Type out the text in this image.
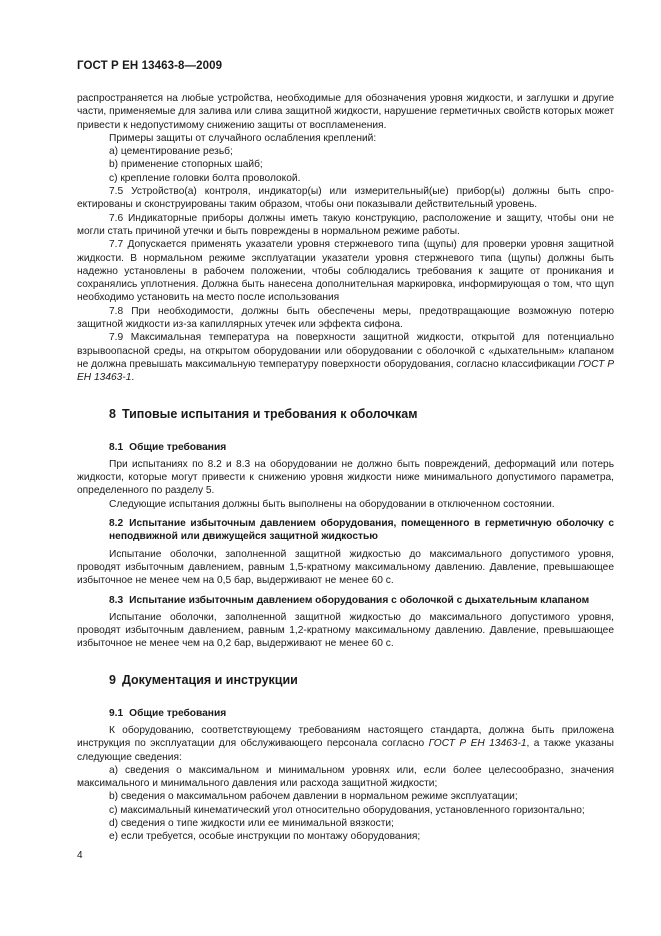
ГОСТ Р ЕН 13463-8—2009

распространяется на любые устройства, необходимые для обозначения уровня жидкости, и заглушки и другие части, применяемые для залива или слива защитной жидкости, нарушение герметичных свойств которых может привести к недопустимому снижению защиты от воспламенения.

Примеры защиты от случайного ослабления креплений:

a) цементирование резьб;

b) применение стопорных шайб;

c) крепление головки болта проволокой.

7.5 Устройство(а) контроля, индикатор(ы) или измерительный(ые) прибор(ы) должны быть спроектированы и сконструированы таким образом, чтобы они показывали действительный уровень.

7.6 Индикаторные приборы должны иметь такую конструкцию, расположение и защиту, чтобы они не могли стать причиной утечки и быть повреждены в нормальном режиме работы.

7.7 Допускается применять указатели уровня стержневого типа (щупы) для проверки уровня защитной жидкости. В нормальном режиме эксплуатации указатели уровня стержневого типа (щупы) должны быть надежно установлены в рабочем положении, чтобы соблюдались требования к защите от проникания и сохранялись уплотнения. Должна быть нанесена дополнительная маркировка, информирующая о том, что щуп необходимо установить на место после использования

7.8 При необходимости, должны быть обеспечены меры, предотвращающие возможную потерю защитной жидкости из-за капиллярных утечек или эффекта сифона.

7.9 Максимальная температура на поверхности защитной жидкости, открытой для потенциально взрывоопасной среды, на открытом оборудовании или оборудовании с оболочкой с «дыхательным» клапаном не должна превышать максимальную температуру поверхности оборудования, согласно классификации ГОСТ Р ЕН 13463-1.

8 Типовые испытания и требования к оболочкам
8.1 Общие требования

При испытаниях по 8.2 и 8.3 на оборудовании не должно быть повреждений, деформаций или потерь жидкости, которые могут привести к снижению уровня жидкости ниже минимального допустимого параметра, определенного по разделу 5.

Следующие испытания должны быть выполнены на оборудовании в отключенном состоянии.

8.2 Испытание избыточным давлением оборудования, помещенного в герметичную оболочку с неподвижной или движущейся защитной жидкостью

Испытание оболочки, заполненной защитной жидкостью до максимального допустимого уровня, проводят избыточным давлением, равным 1,5-кратному максимальному давлению. Давление, превышающее избыточное не менее чем на 0,5 бар, выдерживают не менее 60 с.

8.3 Испытание избыточным давлением оборудования с оболочкой с дыхательным клапаном

Испытание оболочки, заполненной защитной жидкостью до максимального допустимого уровня, проводят избыточным давлением, равным 1,2-кратному максимальному давлению. Давление, превышающее избыточное не менее чем на 0,2 бар, выдерживают не менее 60 с.

9 Документация и инструкции
9.1 Общие требования

К оборудованию, соответствующему требованиям настоящего стандарта, должна быть приложена инструкция по эксплуатации для обслуживающего персонала согласно ГОСТ Р ЕН 13463-1, а также указаны следующие сведения:

a) сведения о максимальном и минимальном уровнях или, если более целесообразно, значения максимального и минимального давления или расхода защитной жидкости;

b) сведения о максимальном рабочем давлении в нормальном режиме эксплуатации;

c) максимальный кинематический угол относительно оборудования, установленного горизонтально;

d) сведения о типе жидкости или ее минимальной вязкости;

e) если требуется, особые инструкции по монтажу оборудования;

4
